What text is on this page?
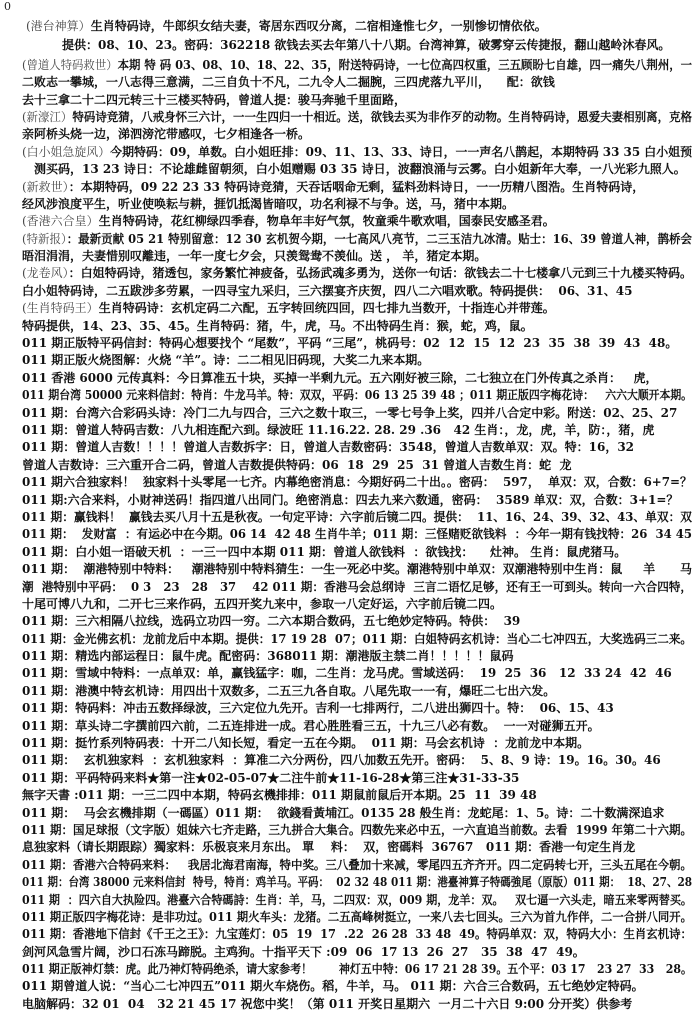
0
(港台神算）生肖特码诗，牛郎织女结夫妻，寄居东西叹分离，二宿相逢惟七夕，一别惨切情依依。
提供：08、10、23。密码：362218 欲钱去买去年第八十八期。台湾神算，破雾穿云传捷报，翻山越岭沐春风。
(曾道人特码救世）本期 特 码 03、08、10、18、22、35，附送特码诗，一七位高四权重，三五顾盼七自雄，四一痛失八荆州，一
二败志一攀城，一八志得三意满，二三自负十不凡，二九令人二掘腕，三四虎落九平川，    配：欲钱
去十三拿二十二四元转三十三楼买特码，曾道人提：骏马奔驰千里面路，
(新濠江）特码诗竞猜，八戒身怀三六计，一一生四归一十相近。送，欲钱去买为非作歹的动物。生肖特码诗，恩爱夫妻相别离，克格
亲阿桥头烧一边，涕泗滂沱带感叹，七夕相逢各一桥。
(白小姐急旋风）今期特码：09，单数。白小姐旺排：09、11、13、33、诗日，一一声名八鹊起，本期特码 33 35 白小姐预
测买码，13 23 诗日：不论雄雌留朝须，白小姐赠赐 03 35 诗日，波翻浪涌与云雾。白小姐新年大奉，一八光彩九照人。
(新救世）：本期特码，09 22 23 33 特码诗竞猜，天吞话咽命无剩，猛料劲料诗日，一一历精八图浩。生肖特码诗，
经风涉浪度平生，听业使唤耘与耕，捱饥抵渴皆暗叹，功名利禄不与争。送，马，猪中本期。
(香港六合皇）生肖特码诗，花红柳绿四季春，物阜年丰好气氛，牧童乘牛歌欢唱，国泰民安感圣君。
(特新报）：最新贡献 05 21 特别留意：12 30 玄机贺今期，一七高风八亮节，二三玉洁九冰清。贴士：16、39 曾道人神，鹊桥会
晤泪涓涓，夫妻惜别叹離违，一年一度七夕会，只羡鸳鸯不羡仙。送 ， 羊，猪定本期。
(龙卷风）：白姐特码诗，猪透包，家务繁忙神疲备，弘扬武魂多勇为，送你一句话：欲钱去二十七楼拿八元到三十九楼买特码。
白小姐特码诗，二五跋涉多劳累，一四寻宝九采归，三六摆宴齐庆贺，四八二六唱欢歌。特码提供：  06、31、45
(生肖特码王）生肖特码诗：玄机定码二六配，五字转回统四回，四七排九当数开，十指连心并带莲。
特码提供，14、23、35、45。生肖特码：猪，牛，虎，马。不出特码生肖：猴，蛇，鸡，鼠。
011 期正版特平码信封：特码心想要找个 “尾数”，平码 “三尾”，桃码号：02  12  15  12  23  35  38  39  43  48。
011 期正版火烧图解：火烧 “羊”。诗：二二相见旧码现，大奖二九来本期。
011 香港 6000 元传真料：今日算准五十块，买掉一半剩九元。五六刚好被三除，二七独立在门外传真之杀肖：   虎，
011 期台湾 50000 元来料信封：特肖：牛龙马羊。特：双双，平码：06 13 25 39 48 ；011 期正版四字梅花诗：   六六大顺开本期。
011 期：台湾六合彩码头诗：冷门二九与四合，三六之数十取三，一零七号争上奖，四并八合定中彩。附送：02、25、27
011 期：曾道人特码吉数：八九相连配六到。绿波旺 11.16.22. 28. 29 .36   42 生肖：，龙，虎，羊，防：，猪，虎
011 期：曾道人吉数！！！！曾道人吉数拆字：日，曾道人吉数密码：3548，曾道人吉数单双：双。特：16，32
曾道人吉数诗：三六重开合二码，曾道人吉数提供特码：06  18  29  25  31 曾道人吉数生肖：蛇  龙
011 期六合独家料！  独家料十头零尾一七齐。内幕绝密消息：今期好码二十出。。密码：  597，  单双：双，合数：6+7=？
011 期:六合来料，小财神送码！指四道八出同门。绝密消息：四去九来六数通，密码：  3589 单双：双，合数：3+1=？
011 期：赢钱料！  赢钱去买八月十五是秋夜。一句定平诗：六字前后镜二四。提供：  11、16、24、39、32、43、单双：双
011 期：  发财富  ：有运必中在今期。06 14  42 48 生肖牛羊；011 期：三怪赌贬欲钱料  ：今年一期有钱找特：26  34 45
011 期：白小姐一语破天机  ：一三一四中本期 011 期：曾道人欲钱料  ：欲钱找：    灶神。 生肖：鼠虎猪马。
011 期：  潮港特别中特料：   潮港特别中特料猜生：一生一死必中奖。潮港特别中单双：双潮港特别中生肖：鼠     羊      马
潮  港特别中平码：  0 3   23   28   37    42 011 期：香港马会总纲诗  三言二语忆足够，还有王一可到头。转向一六合四特，
十尾可博八九和，二开七三来作码，五四开奖九来中，参取一八定好运，六字前后镜二四。
011 期：三六相隔八拉线，选码立功四一穷。二六本期合数码，五七绝妙定特码。特供：  39
011 期：金光佛玄机：龙前龙后中本期。提供：17 19 28  07；011 期：白姐特码玄机诗：当心二七冲四五，大奖选码三二来。
011 期：精选内部运程日：鼠牛虎。配密码：368011 期：潮港版主禁二肖！！！！！鼠码
011 期：雪域中特料：一点单双：单，赢钱猛字：咖，二生肖：龙马虎。雪域送码：  19  25  36   12  33 24  42  46
011 期：港澳中特玄机诗：用四出十双数多，二五三九各自取。八尾先取一一有，爆旺二七出六发。
011 期：特码料：冲击五数择绿波，三六定位九先开。吉利一七排两行，二八进出狮四十。特：  06、15、43
011 期：草头诗二字撰前四六前，二五连排进一成。君心胜胜看三五，十九三八必有数。  一一对碰狮五开。
011 期：挺竹系列特码表：十开二八知长短，看定一五在今期。  011 期：马会玄机诗  ：龙前龙中本期。
011 期：  玄机独家料  ：玄机独家料  ：算准二六分两份，四八加数五先开。密码：  5、8、9 诗：19。16。30。46
011 期：平码特码来料★第一注★02-05-07★二注牛前★11-16-28★第三注★31-33-35
無字天書 :011 期：一三二四中本期，特码玄機排排：011 期鼠前鼠后开本期。25  11  39 48
011 期：  马会玄機排期（一碼區）011 期：  欲錢看黃埔江。0135 28 般生肖：龙蛇尾：1、5。诗：二十数满深追求
011 期：国足球报（文字版）姐妹六七齐走路，三九拼合大集合。四数先来必中五，一六直追当前数。去看  1999 年第二十六期。
息独家料（请长期跟踪）獨家料：乐极哀来月东出。 單    料：  双，密碼料  36767   011 期：香港一句定生肖龙
011 期：香港六合特码来料：   我居北海君南海，特中奖。三八叠加十来减，零尾四五齐齐开。四二定码转七开，三头五尾在今朝。
011 期：台湾 38000 元来料信封  特号，特肖：鸡羊马。平码：  02 32 48 011 期：港臺神算子特碼強尾（原版）011 期：  18、27、28
011 期  ：四六自大执险四。港臺六合特碼詩：生肖：羊，马，二四双：双，009 期，龙羊：双。   双七逼一六头走，暗五来零两替买。
011 期正版四字梅花诗：是非功过。011 期火车头：龙猪。二五高峰树挺立，一来八去七回头。三六为首九作伴，二一合拼八同开。
011 期：香港地下信封《千王之王》：九宝莲灯：05  19  17  .22  26 28  33 48  49。特码单双：双，特码大小：生肖玄机诗：
剑河风急雪片阔，沙口石冻马蹄脱。主鸡狗。十指平天下 :09  06  17 13  26  27   35  38  47  49。
011 期正版神灯禁：虎。此乃神灯特码绝杀，请大家参考！       神灯五中特：06 17 21 28 39。五个平：03 17   23 27  33   28。
011 期曾道人说：“当心二七冲四五”011 期火车烧伤。稻，牛羊，马。 011 期：六合三合数码，五七绝妙定特码。
电脑解码：32 01  04   32 21 45 17 祝您中奖！（第 011 开奖日星期六  一月二十六日 9:00 分开奖）供参考
